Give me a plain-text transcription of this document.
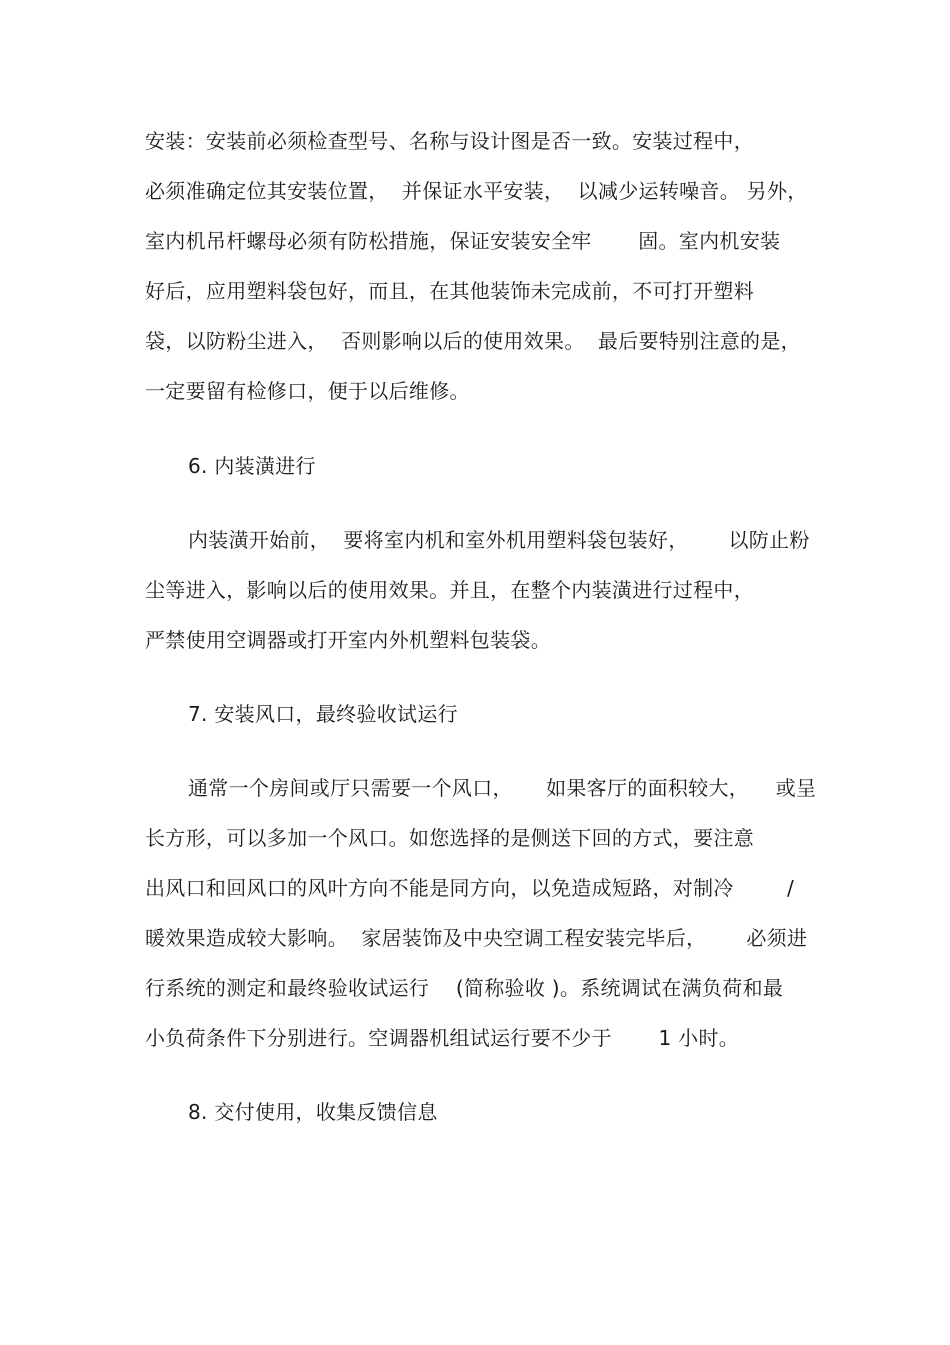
安装：安装前必须检查型号、名称与设计图是否一致。安装过程中，
必须准确定位其安装位置，  并保证水平安装，  以减少运转噪音。 另外，
室内机吊杆螺母必须有防松措施，保证安装安全牢       固。室内机安装
好后，应用塑料袋包好，而且，在其他装饰未完成前，不可打开塑料
袋，以防粉尘进入，  否则影响以后的使用效果。  最后要特别注意的是，
一定要留有检修口，便于以后维修。
6. 内装潢进行
内装潢开始前，  要将室内机和室外机用塑料袋包装好，      以防止粉
尘等进入，影响以后的使用效果。并且，在整个内装潢进行过程中，
严禁使用空调器或打开室内外机塑料包装袋。
7. 安装风口，最终验收试运行
通常一个房间或厅只需要一个风口，     如果客厅的面积较大，    或呈
长方形，可以多加一个风口。如您选择的是侧送下回的方式，要注意
出风口和回风口的风叶方向不能是同方向，以免造成短路，对制冷        /
暖效果造成较大影响。  家居装饰及中央空调工程安装完毕后，      必须进
行系统的测定和最终验收试运行    (简称验收 )。系统调试在满负荷和最
小负荷条件下分别进行。空调器机组试运行要不少于       1 小时。
8. 交付使用，收集反馈信息
